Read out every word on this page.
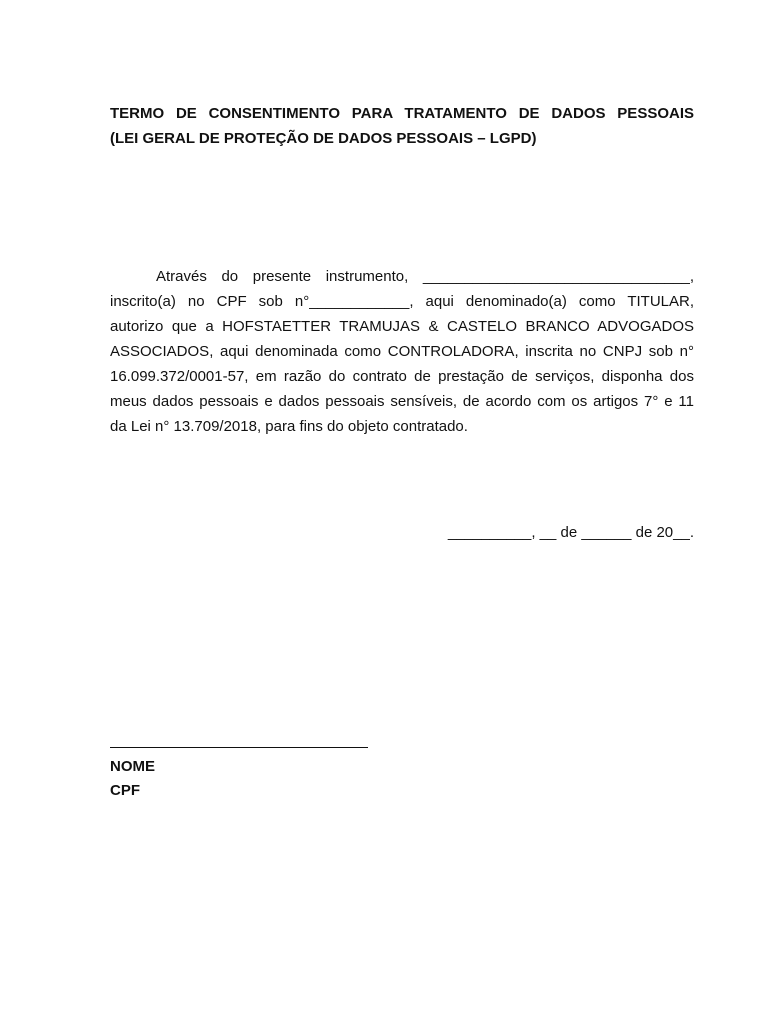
TERMO DE CONSENTIMENTO PARA TRATAMENTO DE DADOS PESSOAIS
(LEI GERAL DE PROTEÇÃO DE DADOS PESSOAIS – LGPD)

Através do presente instrumento, ________________________________,
inscrito(a) no CPF sob n°____________, aqui denominado(a) como TITULAR,
autorizo que a HOFSTAETTER TRAMUJAS & CASTELO BRANCO ADVOGADOS
ASSOCIADOS, aqui denominada como CONTROLADORA, inscrita no CNPJ sob n°
16.099.372/0001-57, em razão do contrato de prestação de serviços, disponha dos
meus dados pessoais e dados pessoais sensíveis, de acordo com os artigos 7° e 11
da Lei n° 13.709/2018, para fins do objeto contratado.

__________, __ de ______ de 20__.

NOME

CPF
